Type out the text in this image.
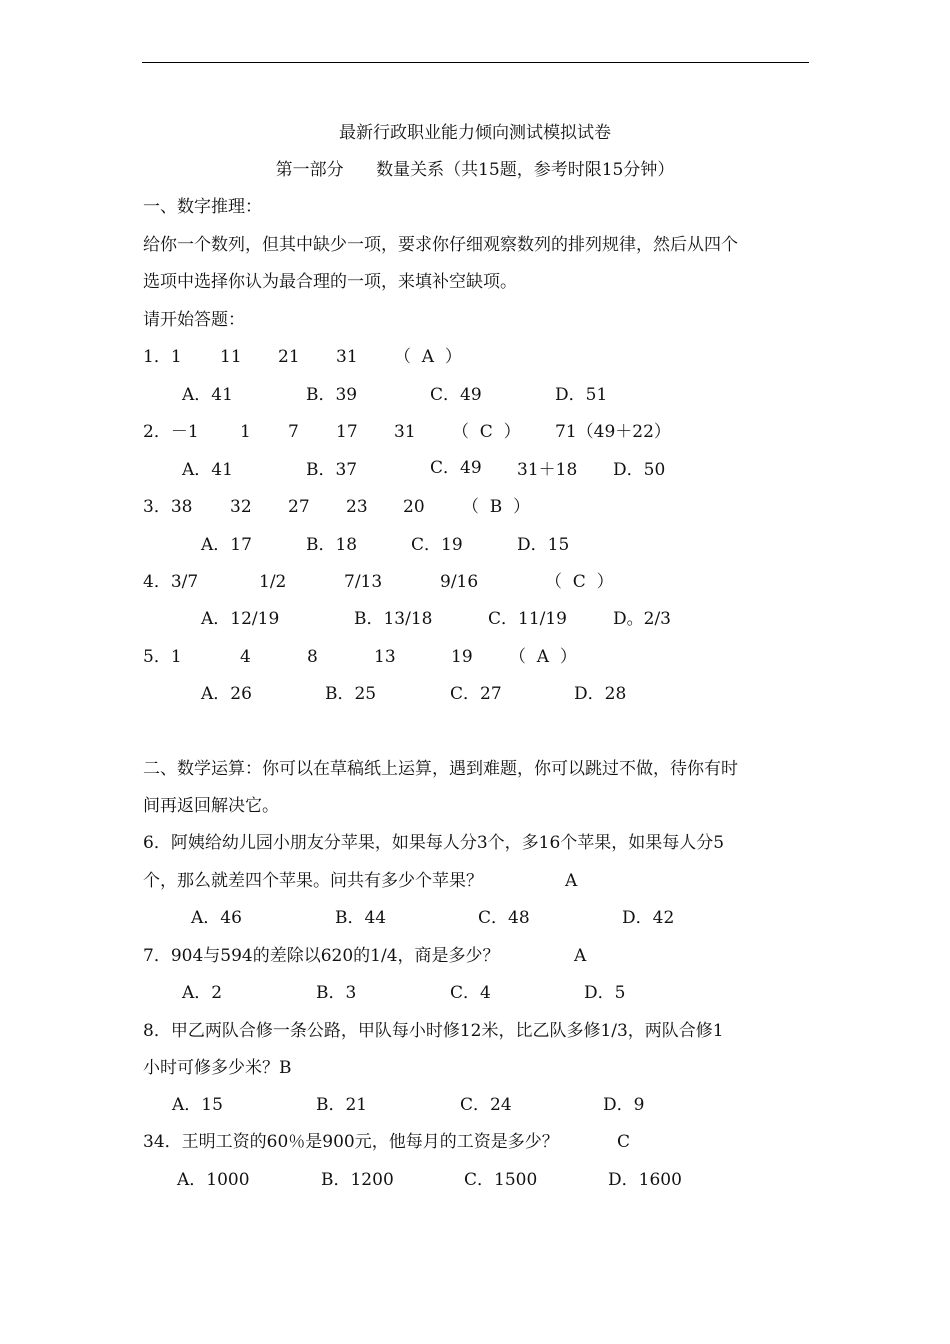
最新行政职业能力倾向测试模拟试卷
第一部分 数量关系（共15题，参考时限15分钟）
一、数字推理：
给你一个数列，但其中缺少一项，要求你仔细观察数列的排列规律，然后从四个
选项中选择你认为最合理的一项，来填补空缺项。
请开始答题：
1．1 11 21 31 （  A  ）
A．41	B．39	C．49	D．51
2．－1 1 7 17 31 （  C  ） 71（49＋22）
A．41	B．37	C．49 31＋18 D．50
3．38 32 27 23 20 （  B  ）
A．17	B．18	C．19	D．15
4．3/7	1/2	7/13	9/16	（  C  ）
A．12/19	B．13/18	C．11/19	D。2/3
5．1	4	8	13	19 （  A  ）
A．26	B．25	C．27	D．28
二、数学运算：你可以在草稿纸上运算，遇到难题，你可以跳过不做，待你有时
间再返回解决它。
6．阿姨给幼儿园小朋友分苹果，如果每人分3个，多16个苹果，如果每人分5
个，那么就差四个苹果。问共有多少个苹果？	A
A．46	B．44	C．48	D．42
7．904与594的差除以620的1/4，商是多少？	A
A．2	B．3	C．4	D．5
8．甲乙两队合修一条公路，甲队每小时修12米，比乙队多修1/3，两队合修1
小时可修多少米？B
A．15	B．21	C．24	D．9
34．王明工资的60％是900元，他每月的工资是多少？	C
A．1000	B．1200	C．1500	D．1600
